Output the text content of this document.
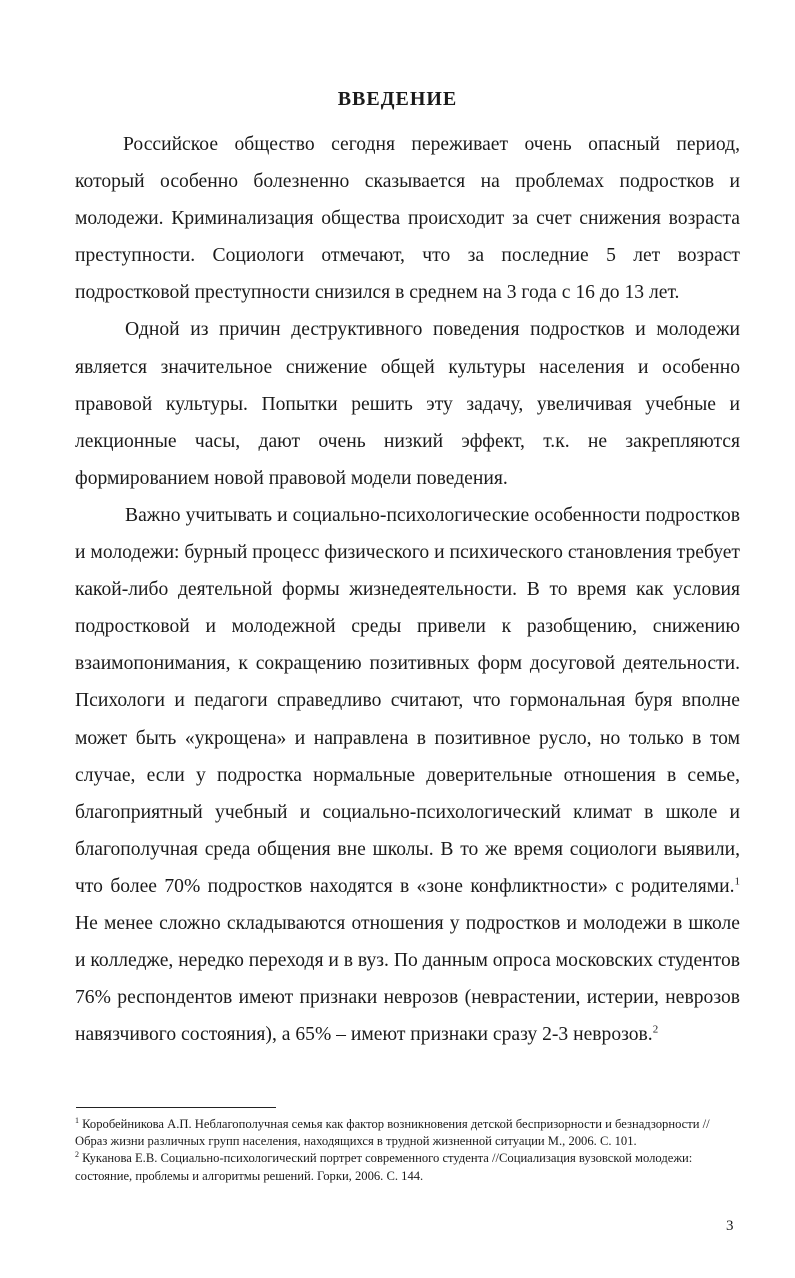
ВВЕДЕНИЕ

Российское общество сегодня переживает очень опасный период, который особенно болезненно сказывается на проблемах подростков и молодежи. Криминализация общества происходит за счет снижения возраста преступности. Социологи отмечают, что за последние 5 лет возраст подростковой преступности снизился в среднем на 3 года с 16 до 13 лет.

Одной из причин деструктивного поведения подростков и молодежи является значительное снижение общей культуры населения и особенно правовой культуры. Попытки решить эту задачу, увеличивая учебные и лекционные часы, дают очень низкий эффект, т.к. не закрепляются формированием новой правовой модели поведения.

Важно учитывать и социально-психологические особенности подростков и молодежи: бурный процесс физического и психического становления требует какой-либо деятельной формы жизнедеятельности. В то время как условия подростковой и молодежной среды привели к разобщению, снижению взаимопонимания, к сокращению позитивных форм досуговой деятельности. Психологи и педагоги справедливо считают, что гормональная буря вполне может быть «укрощена» и направлена в позитивное русло, но только в том случае, если у подростка нормальные доверительные отношения в семье, благоприятный учебный и социально-психологический климат в школе и благополучная среда общения вне школы. В то же время социологи выявили, что более 70% подростков находятся в «зоне конфликтности» с родителями.$^1$ Не менее сложно складываются отношения у подростков и молодежи в школе и колледже, нередко переходя и в вуз. По данным опроса московских студентов 76% респондентов имеют признаки неврозов (неврастении, истерии, неврозов навязчивого состояния), а 65% – имеют признаки сразу 2-3 неврозов.$^2$

$^1$ Коробейникова А.П. Неблагополучная семья как фактор возникновения детской беспризорности и безнадзорности //Образ жизни различных групп населения, находящихся в трудной жизненной ситуации М., 2006. С. 101.

$^2$ Куканова Е.В. Социально-психологический портрет современного студента //Социализация вузовской молодежи: состояние, проблемы и алгоритмы решений. Горки, 2006. С. 144.

3
